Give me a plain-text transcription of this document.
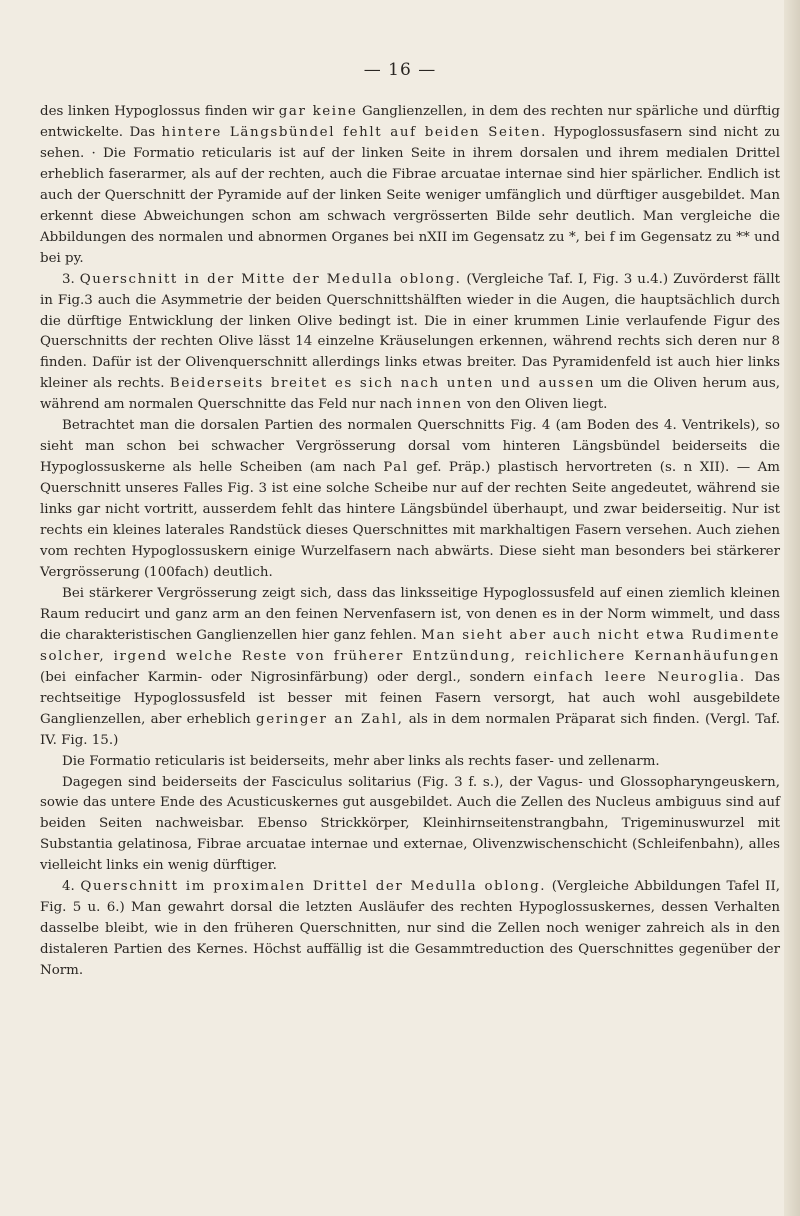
— 16 —

des linken Hypoglossus finden wir gar keine Ganglienzellen, in dem des rechten nur spärliche und dürftig entwickelte. Das hintere Längsbündel fehlt auf beiden Seiten. Hypoglossusfasern sind nicht zu sehen. · Die Formatio reticularis ist auf der linken Seite in ihrem dorsalen und ihrem medialen Drittel erheblich faserarmer, als auf der rechten, auch die Fibrae arcuatae internae sind hier spärlicher. Endlich ist auch der Querschnitt der Pyramide auf der linken Seite weniger umfänglich und dürftiger ausgebildet. Man erkennt diese Abweichungen schon am schwach vergrösserten Bilde sehr deutlich. Man vergleiche die Abbildungen des normalen und abnormen Organes bei nXII im Gegensatz zu *, bei f im Gegensatz zu ** und bei py.

3. Querschnitt in der Mitte der Medulla oblong. (Vergleiche Taf. I, Fig. 3 u.4.) Zuvörderst fällt in Fig.3 auch die Asymmetrie der beiden Querschnittshälften wieder in die Augen, die hauptsächlich durch die dürftige Entwicklung der linken Olive bedingt ist. Die in einer krummen Linie verlaufende Figur des Querschnitts der rechten Olive lässt 14 einzelne Kräuselungen erkennen, während rechts sich deren nur 8 finden. Dafür ist der Olivenquerschnitt allerdings links etwas breiter. Das Pyramidenfeld ist auch hier links kleiner als rechts. Beiderseits breitet es sich nach unten und aussen um die Oliven herum aus, während am normalen Querschnitte das Feld nur nach innen von den Oliven liegt.

Betrachtet man die dorsalen Partien des normalen Querschnitts Fig. 4 (am Boden des 4. Ventrikels), so sieht man schon bei schwacher Vergrösserung dorsal vom hinteren Längsbündel beiderseits die Hypoglossuskerne als helle Scheiben (am nach Pal gef. Präp.) plastisch hervortreten (s. n XII). — Am Querschnitt unseres Falles Fig. 3 ist eine solche Scheibe nur auf der rechten Seite angedeutet, während sie links gar nicht vortritt, ausserdem fehlt das hintere Längsbündel überhaupt, und zwar beiderseitig. Nur ist rechts ein kleines laterales Randstück dieses Querschnittes mit markhaltigen Fasern versehen. Auch ziehen vom rechten Hypoglossuskern einige Wurzelfasern nach abwärts. Diese sieht man besonders bei stärkerer Vergrösserung (100fach) deutlich.

Bei stärkerer Vergrösserung zeigt sich, dass das linksseitige Hypoglossusfeld auf einen ziemlich kleinen Raum reducirt und ganz arm an den feinen Nervenfasern ist, von denen es in der Norm wimmelt, und dass die charakteristischen Ganglienzellen hier ganz fehlen. Man sieht aber auch nicht etwa Rudimente solcher, irgend welche Reste von früherer Entzündung, reichlichere Kernanhäufungen (bei einfacher Karmin- oder Nigrosinfärbung) oder dergl., sondern einfach leere Neuroglia. Das rechtseitige Hypoglossusfeld ist besser mit feinen Fasern versorgt, hat auch wohl ausgebildete Ganglienzellen, aber erheblich geringer an Zahl, als in dem normalen Präparat sich finden. (Vergl. Taf. IV. Fig. 15.)

Die Formatio reticularis ist beiderseits, mehr aber links als rechts faser- und zellenarm.

Dagegen sind beiderseits der Fasciculus solitarius (Fig. 3 f. s.), der Vagus- und Glossopharyngeuskern, sowie das untere Ende des Acusticuskernes gut ausgebildet. Auch die Zellen des Nucleus ambiguus sind auf beiden Seiten nachweisbar. Ebenso Strickkörper, Kleinhirnseitenstrangbahn, Trigeminuswurzel mit Substantia gelatinosa, Fibrae arcuatae internae und externae, Olivenzwischenschicht (Schleifenbahn), alles vielleicht links ein wenig dürftiger.

4. Querschnitt im proximalen Drittel der Medulla oblong. (Vergleiche Abbildungen Tafel II, Fig. 5 u. 6.) Man gewahrt dorsal die letzten Ausläufer des rechten Hypoglossuskernes, dessen Verhalten dasselbe bleibt, wie in den früheren Querschnitten, nur sind die Zellen noch weniger zahreich als in den distaleren Partien des Kernes. Höchst auffällig ist die Gesammtreduction des Querschnittes gegenüber der Norm.
